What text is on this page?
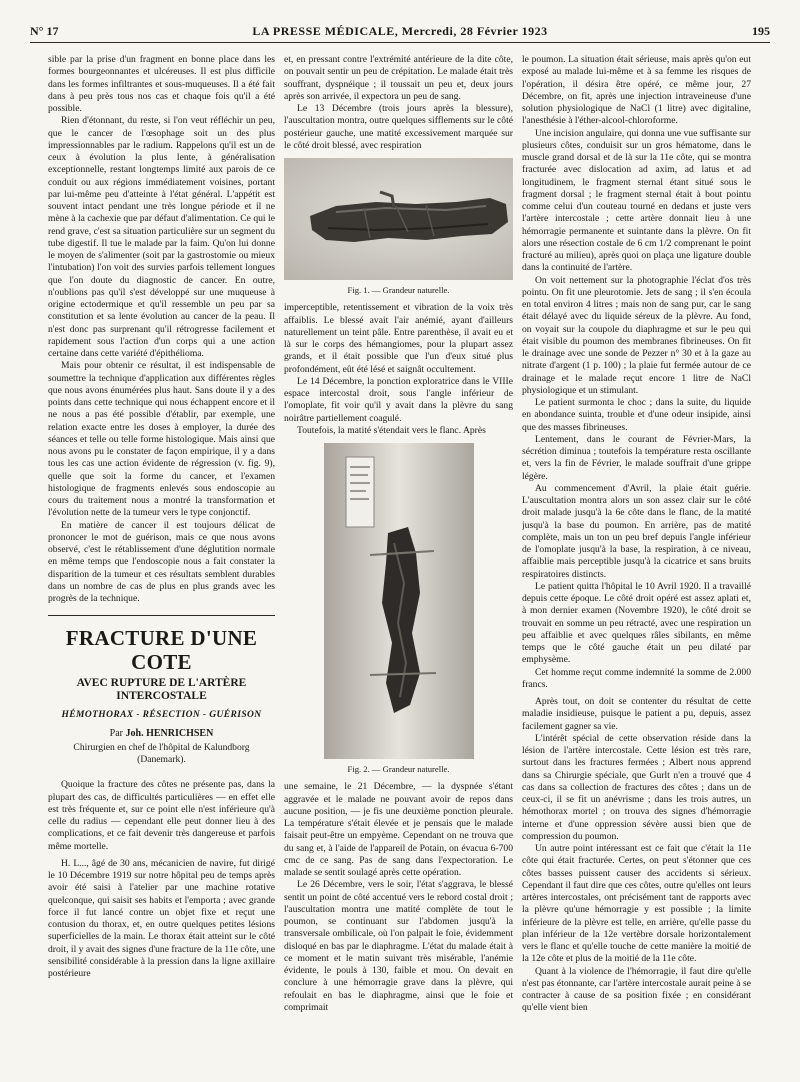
N° 17	LA PRESSE MÉDICALE, Mercredi, 28 Février 1923	195

sible par la prise d'un fragment en bonne place dans les formes bourgeonnantes et ulcéreuses. Il est plus difficile dans les formes infiltrantes et sous-muqueuses. Il a été fait dans à peu près tous nos cas et chaque fois qu'il a été possible.

Rien d'étonnant, du reste, si l'on veut réfléchir un peu, que le cancer de l'œsophage soit un des plus impressionnables par le radium. Rappelons qu'il est un de ceux à évolution la plus lente, à généralisation exceptionnelle, restant longtemps limité aux parois de ce conduit ou aux régions immédiatement voisines, portant par lui-même peu d'atteinte à l'état général. L'appétit est souvent intact pendant une très longue période et il ne mène à la cachexie que par défaut d'alimentation. Ce qui le rend grave, c'est sa situation particulière sur un segment du tube digestif. Il tue le malade par la faim. Qu'on lui donne le moyen de s'alimenter (soit par la gastrostomie ou mieux l'intubation) l'on voit des survies parfois tellement longues que l'on doute du diagnostic de cancer. En outre, n'oublions pas qu'il s'est développé sur une muqueuse à origine ectodermique et qu'il ressemble un peu par sa constitution et sa lente évolution au cancer de la peau. Il n'est donc pas surprenant qu'il rétrogresse facilement et rapidement sous l'action d'un corps qui a une action certaine dans cette variété d'épithélioma.

Mais pour obtenir ce résultat, il est indispensable de soumettre la technique d'application aux différentes règles que nous avons énumérées plus haut. Sans doute il y a des points dans cette technique qui nous échappent encore et il ne nous a pas été possible d'établir, par exemple, une relation exacte entre les doses à employer, la durée des séances et telle ou telle forme histologique. Mais ainsi que nous avons pu le constater de façon empirique, il y a dans tous les cas une action évidente de régression (v. fig. 9), quelle que soit la forme du cancer, et l'examen histologique de fragments enlevés sous endoscopie au cours du traitement nous a montré la transformation et l'évolution nette de la tumeur vers le type conjonctif.

En matière de cancer il est toujours délicat de prononcer le mot de guérison, mais ce que nous avons observé, c'est le rétablissement d'une déglutition normale en même temps que l'endoscopie nous a fait constater la disparition de la tumeur et ces résultats semblent durables dans un nombre de cas de plus en plus grands avec les progrès de la technique.

FRACTURE D'UNE COTE
AVEC RUPTURE DE L'ARTÈRE INTERCOSTALE
HÉMOTHORAX - RÉSECTION - GUÉRISON
Par Joh. HENRICHSEN
Chirurgien en chef de l'hôpital de Kalundborg (Danemark).

Quoique la fracture des côtes ne présente pas, dans la plupart des cas, de difficultés particulières — en effet elle est très fréquente et, sur ce point elle n'est inférieure qu'à celle du radius — cependant elle peut donner lieu à des complications, et ce fait devenir très dangereuse et parfois même mortelle.

H. L..., âgé de 30 ans, mécanicien de navire, fut dirigé le 10 Décembre 1919 sur notre hôpital peu de temps après avoir été saisi à l'atelier par une machine rotative quelconque, qui saisit ses habits et l'emporta ; avec grande force il fut lancé contre un objet fixe et reçut une contusion du thorax, et, en outre quelques petites lésions superficielles de la main. Le thorax était atteint sur le côté droit, il y avait des signes d'une fracture de la 11e côte, une sensibilité considérable à la pression dans la ligne axillaire postérieure

et, en pressant contre l'extrémité antérieure de la dite côte, on pouvait sentir un peu de crépitation. Le malade était très souffrant, dyspnéique ; il toussait un peu et, deux jours après son arrivée, il expectora un peu de sang.

Le 13 Décembre (trois jours après la blessure), l'auscultation montra, outre quelques sifflements sur le côté postérieur gauche, une matité excessivement marquée sur le côté droit blessé, avec respiration

Fig. 1. — Grandeur naturelle.

imperceptible, retentissement et vibration de la voix très affaiblis. Le blessé avait l'air anémié, ayant d'ailleurs naturellement un teint pâle. Entre parenthèse, il avait eu et là sur le corps des hémangiomes, pour la plupart assez grands, et il était possible que l'un d'eux situé plus profondément, eût été lésé et saignât occultement.

Le 14 Décembre, la ponction exploratrice dans le VIIIe espace intercostal droit, sous l'angle inférieur de l'omoplate, fit voir qu'il y avait dans la plèvre du sang noirâtre partiellement coagulé.

Toutefois, la matité s'étendait vers le flanc. Après

Fig. 2. — Grandeur naturelle.

une semaine, le 21 Décembre, — la dyspnée s'étant aggravée et le malade ne pouvant avoir de repos dans aucune position, — je fis une deuxième ponction pleurale. La température s'était élevée et je pensais que le malade faisait peut-être un empyème. Cependant on ne trouva que du sang et, à l'aide de l'appareil de Potain, on évacua 6-700 cmc de ce sang. Pas de sang dans l'expectoration. Le malade se sentit soulagé après cette opération.

Le 26 Décembre, vers le soir, l'état s'aggrava, le blessé sentit un point de côté accentué vers le rebord costal droit ; l'auscultation montra une matité complète de tout le poumon, se continuant sur l'abdomen jusqu'à la transversale ombilicale, où l'on palpait le foie, évidemment disloqué en bas par le diaphragme. L'état du malade était à ce moment et le matin suivant très misérable, l'anémie évidente, le pouls à 130, faible et mou. On devait en conclure à une hémorragie grave dans la plèvre, qui refoulait en bas le diaphragme, ainsi que le foie et comprimait

le poumon. La situation était sérieuse, mais après qu'on eut exposé au malade lui-même et à sa femme les risques de l'opération, il désira être opéré, ce même jour, 27 Décembre, on fit, après une injection intraveineuse d'une solution physiologique de NaCl (1 litre) avec digitaline, l'anesthésie à l'éther-alcool-chloroforme.

Une incision angulaire, qui donna une vue suffisante sur plusieurs côtes, conduisit sur un gros hématome, dans le muscle grand dorsal et de là sur la 11e côte, qui se montra fracturée avec dislocation ad axim, ad latus et ad longitudinem, le fragment sternal étant situé sous le fragment dorsal ; le fragment sternal était à bout pointu comme celui d'un couteau tourné en dedans et juste vers l'artère intercostale ; cette artère donnait lieu à une hémorragie permanente et suintante dans la plèvre. On fit alors une résection costale de 6 cm 1/2 comprenant le point fracturé au milieu), après quoi on plaça une ligature double dans la continuité de l'artère.

On voit nettement sur la photographie l'éclat d'os très pointu. On fit une pleurotomie. Jets de sang ; il s'en écoula en total environ 4 litres ; mais non de sang pur, car le sang était délayé avec du liquide séreux de la plèvre. Au fond, on voyait sur la coupole du diaphragme et sur le peu qui était visible du poumon des membranes fibrineuses. On fit le drainage avec une sonde de Pezzer n° 30 et à la gaze au nitrate d'argent (1 p. 100) ; la plaie fut fermée autour de ce drainage et le malade reçut encore 1 litre de NaCl physiologique et un stimulant.

Le patient surmonta le choc ; dans la suite, du liquide en abondance suinta, trouble et d'une odeur insipide, ainsi que des masses fibrineuses.

Lentement, dans le courant de Février-Mars, la sécrétion diminua ; toutefois la température resta oscillante et, vers la fin de Février, le malade souffrait d'une grippe légère.

Au commencement d'Avril, la plaie était guérie. L'auscultation montra alors un son assez clair sur le côté droit malade jusqu'à la 6e côte dans le flanc, de la matité jusqu'à la base du poumon. En arrière, pas de matité complète, mais un ton un peu bref depuis l'angle inférieur de l'omoplate jusqu'à la base, la respiration, à ce niveau, affaiblie mais perceptible jusqu'à la cicatrice et sans bruits respiratoires distincts.

Le patient quitta l'hôpital le 10 Avril 1920. Il a travaillé depuis cette époque. Le côté droit opéré est assez aplati et, à mon dernier examen (Novembre 1920), le côté droit se trouvait en somme un peu rétracté, avec une respiration un peu affaiblie et avec quelques râles sibilants, en même temps que le côté gauche était un peu dilaté par emphysème.

Cet homme reçut comme indemnité la somme de 2.000 francs.

Après tout, on doit se contenter du résultat de cette maladie insidieuse, puisque le patient a pu, depuis, assez facilement gagner sa vie.

L'intérêt spécial de cette observation réside dans la lésion de l'artère intercostale. Cette lésion est très rare, surtout dans les fractures fermées ; Albert nous apprend dans sa Chirurgie spéciale, que Gurlt n'en a trouvé que 4 cas dans sa collection de fractures des côtes ; dans un de ceux-ci, il se fit un anévrisme ; dans les trois autres, un hémothorax mortel ; on trouva des signes d'hémorragie interne et d'une oppression sévère aussi bien que de compression du poumon.

Un autre point intéressant est ce fait que c'était la 11e côte qui était fracturée. Certes, on peut s'étonner que ces côtes basses puissent causer des accidents si sérieux. Cependant il faut dire que ces côtes, outre qu'elles ont leurs artères intercostales, ont précisément tant de rapports avec la plèvre qu'une hémorragie y est possible ; la limite inférieure de la plèvre est telle, en arrière, qu'elle passe du plan inférieur de la 12e vertèbre dorsale horizontalement vers le flanc et qu'elle touche de cette manière la moitié de la 12e côte et plus de la moitié de la 11e côte.

Quant à la violence de l'hémorragie, il faut dire qu'elle n'est pas étonnante, car l'artère intercostale aurait peine à se contracter à cause de sa position fixée ; en considérant qu'elle vient bien
